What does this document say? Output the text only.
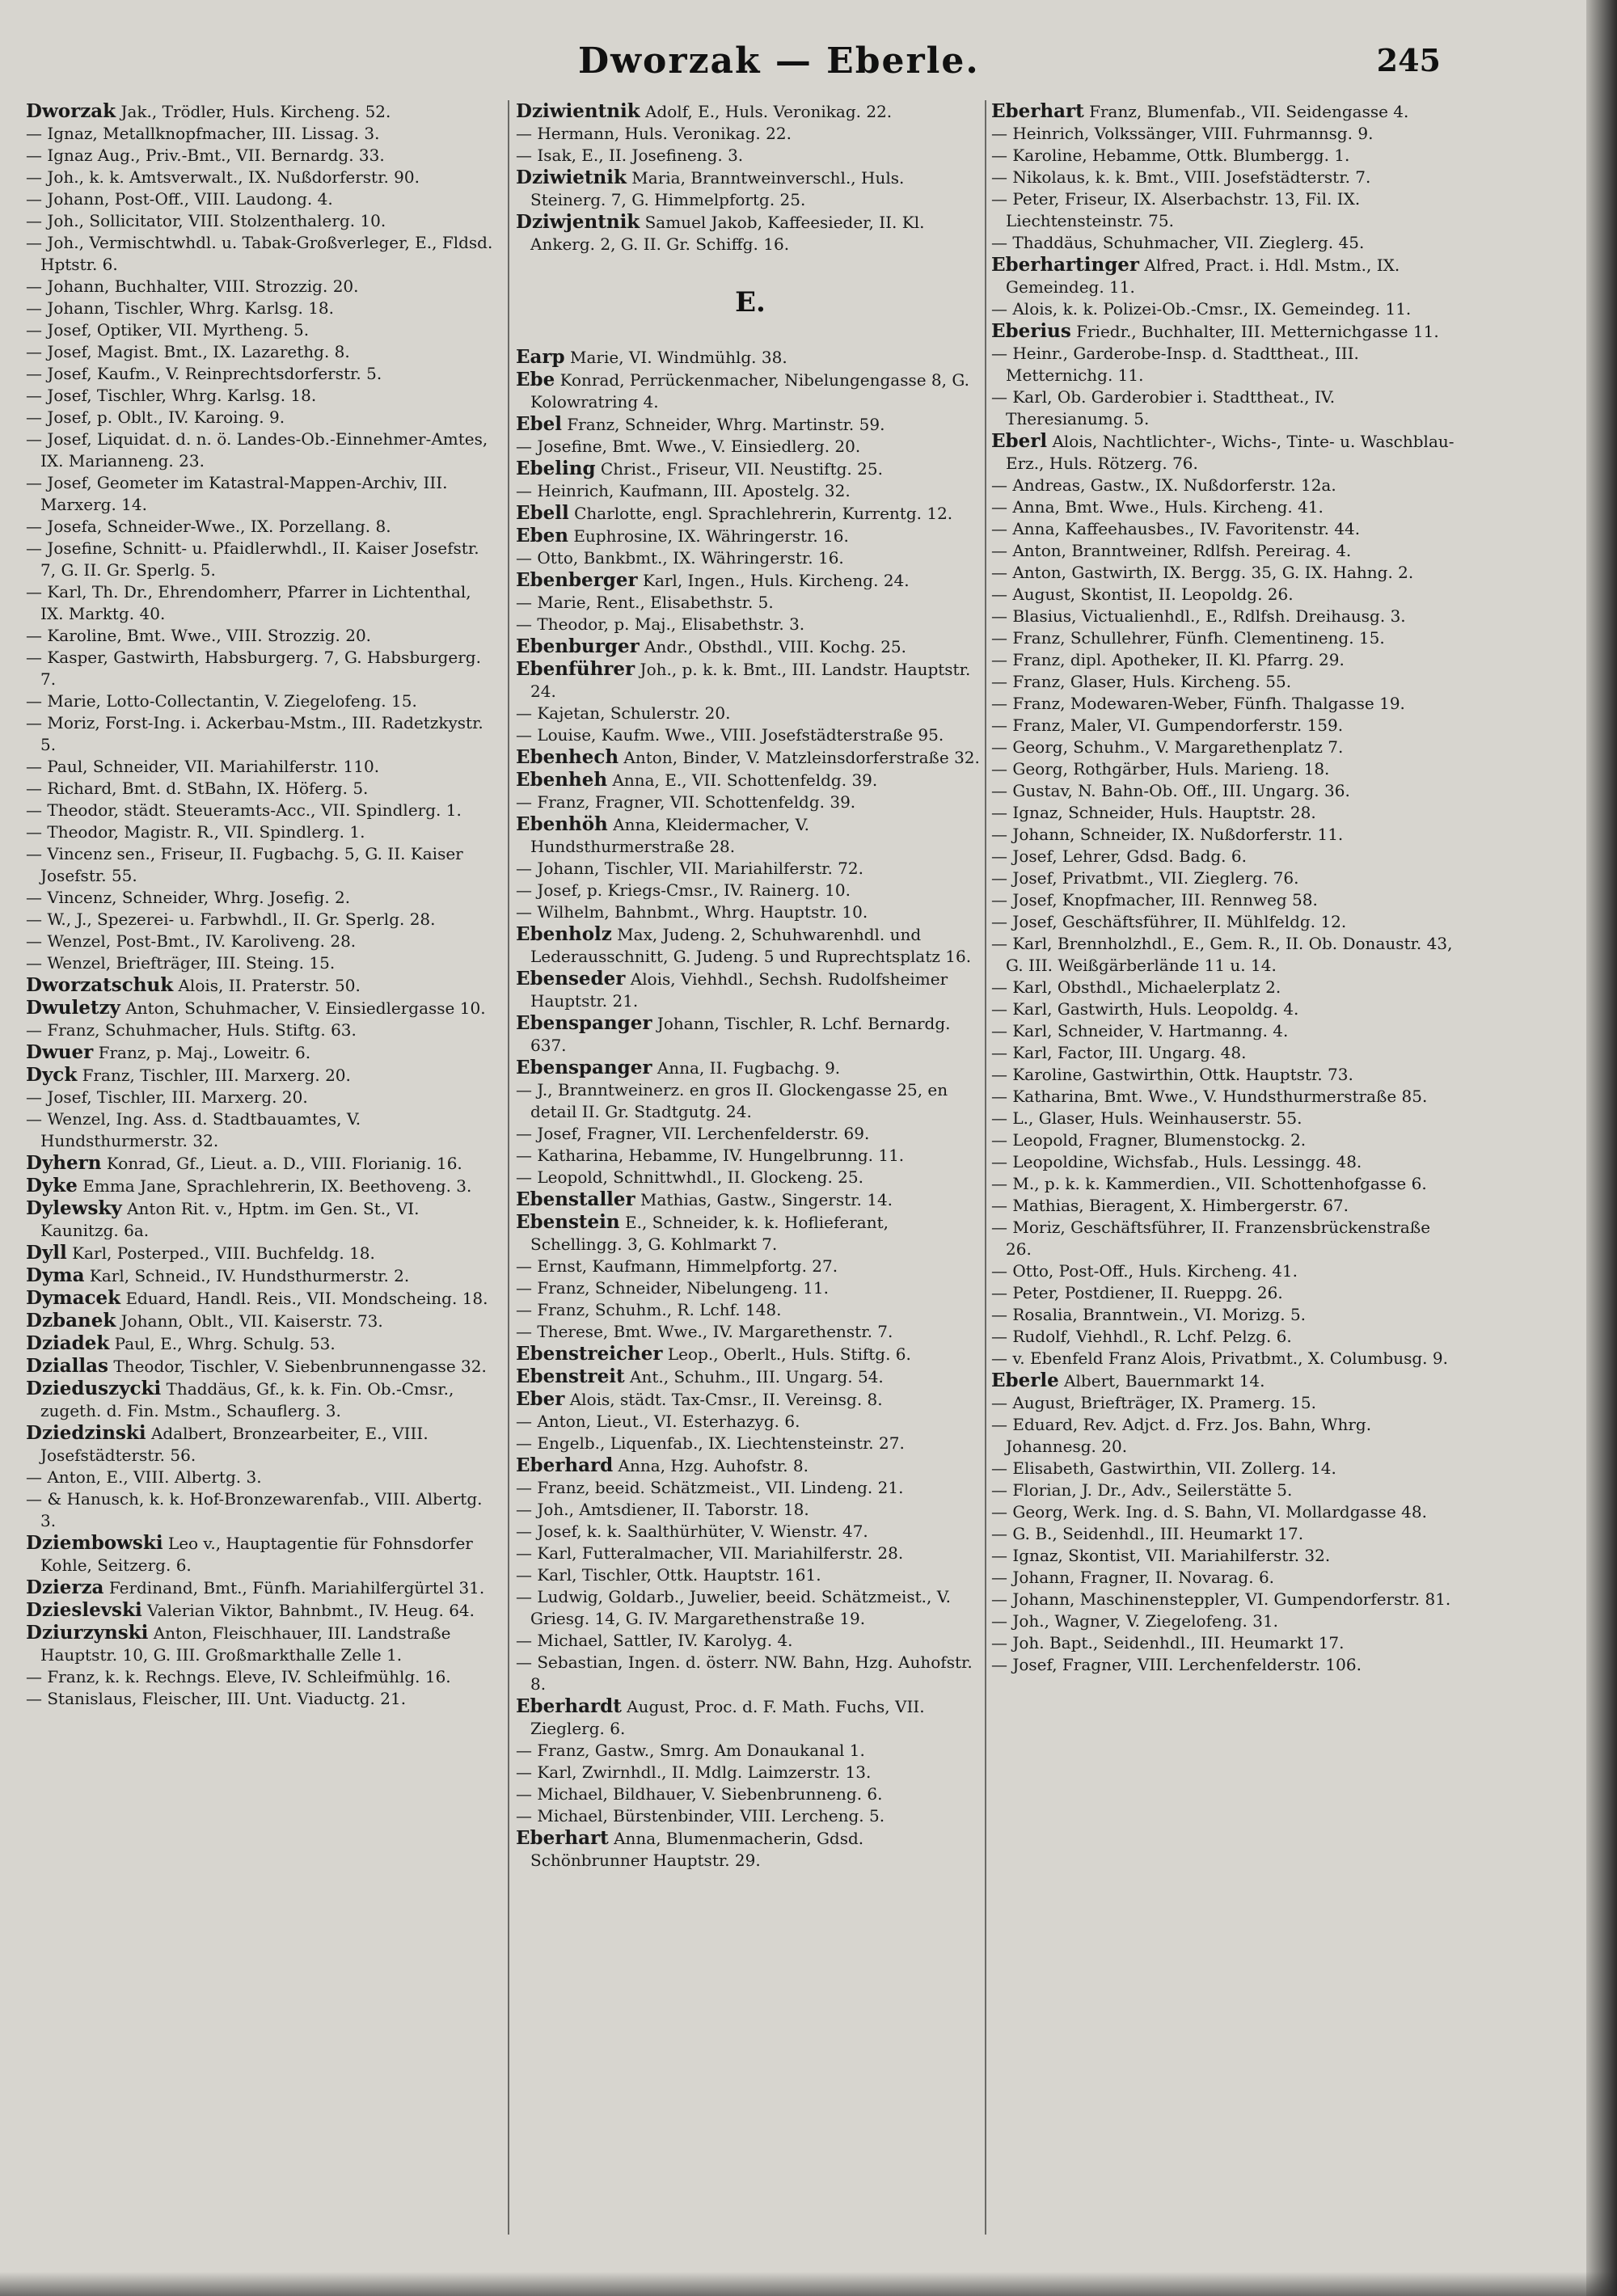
Dworzak — Eberle.	245

Dworzak Jak., Trödler, Huls. Kircheng. 52.

— Ignaz, Metallknopfmacher, III. Lissag. 3.

— Ignaz Aug., Priv.-Bmt., VII. Bernardg. 33.

— Joh., k. k. Amtsverwalt., IX. Nußdorferstr. 90.

— Johann, Post-Off., VIII. Laudong. 4.

— Joh., Sollicitator, VIII. Stolzenthalerg. 10.

— Joh., Vermischtwhdl. u. Tabak-Großverleger, E., Fldsd. Hptstr. 6.

— Johann, Buchhalter, VIII. Strozzig. 20.

— Johann, Tischler, Whrg. Karlsg. 18.

— Josef, Optiker, VII. Myrtheng. 5.

— Josef, Magist. Bmt., IX. Lazarethg. 8.

— Josef, Kaufm., V. Reinprechtsdorferstr. 5.

— Josef, Tischler, Whrg. Karlsg. 18.

— Josef, p. Oblt., IV. Karoing. 9.

— Josef, Liquidat. d. n. ö. Landes-Ob.-Einnehmer-Amtes, IX. Marianneng. 23.

— Josef, Geometer im Katastral-Mappen-Archiv, III. Marxerg. 14.

— Josefa, Schneider-Wwe., IX. Porzellang. 8.

— Josefine, Schnitt- u. Pfaidlerwhdl., II. Kaiser Josefstr. 7, G. II. Gr. Sperlg. 5.

— Karl, Th. Dr., Ehrendomherr, Pfarrer in Lichtenthal, IX. Marktg. 40.

— Karoline, Bmt. Wwe., VIII. Strozzig. 20.

— Kasper, Gastwirth, Habsburgerg. 7, G. Habsburgerg. 7.

— Marie, Lotto-Collectantin, V. Ziegelofeng. 15.

— Moriz, Forst-Ing. i. Ackerbau-Mstm., III. Radetzkystr. 5.

— Paul, Schneider, VII. Mariahilferstr. 110.

— Richard, Bmt. d. StBahn, IX. Höferg. 5.

— Theodor, städt. Steueramts-Acc., VII. Spindlerg. 1.

— Theodor, Magistr. R., VII. Spindlerg. 1.

— Vincenz sen., Friseur, II. Fugbachg. 5, G. II. Kaiser Josefstr. 55.

— Vincenz, Schneider, Whrg. Josefig. 2.

— W., J., Spezerei- u. Farbwhdl., II. Gr. Sperlg. 28.

— Wenzel, Post-Bmt., IV. Karoliveng. 28.

— Wenzel, Briefträger, III. Steing. 15.

Dworzatschuk Alois, II. Praterstr. 50.

Dwuletzy Anton, Schuhmacher, V. Einsiedlergasse 10.

— Franz, Schuhmacher, Huls. Stiftg. 63.

Dwuer Franz, p. Maj., Loweitr. 6.

Dyck Franz, Tischler, III. Marxerg. 20.

— Josef, Tischler, III. Marxerg. 20.

— Wenzel, Ing. Ass. d. Stadtbauamtes, V. Hundsthurmerstr. 32.

Dyhern Konrad, Gf., Lieut. a. D., VIII. Florianig. 16.

Dyke Emma Jane, Sprachlehrerin, IX. Beethoveng. 3.

Dylewsky Anton Rit. v., Hptm. im Gen. St., VI. Kaunitzg. 6a.

Dyll Karl, Posterped., VIII. Buchfeldg. 18.

Dyma Karl, Schneid., IV. Hundsthurmerstr. 2.

Dymacek Eduard, Handl. Reis., VII. Mondscheing. 18.

Dzbanek Johann, Oblt., VII. Kaiserstr. 73.

Dziadek Paul, E., Whrg. Schulg. 53.

Dziallas Theodor, Tischler, V. Siebenbrunnengasse 32.

Dzieduszycki Thaddäus, Gf., k. k. Fin. Ob.-Cmsr., zugeth. d. Fin. Mstm., Schauflerg. 3.

Dziedzinski Adalbert, Bronzearbeiter, E., VIII. Josefstädterstr. 56.

— Anton, E., VIII. Albertg. 3.

— & Hanusch, k. k. Hof-Bronzewarenfab., VIII. Albertg. 3.

Dziembowski Leo v., Hauptagentie für Fohnsdorfer Kohle, Seitzerg. 6.

Dzierza Ferdinand, Bmt., Fünfh. Mariahilfergürtel 31.

Dzieslevski Valerian Viktor, Bahnbmt., IV. Heug. 64.

Dziurzynski Anton, Fleischhauer, III. Landstraße Hauptstr. 10, G. III. Großmarkthalle Zelle 1.

— Franz, k. k. Rechngs. Eleve, IV. Schleifmühlg. 16.

— Stanislaus, Fleischer, III. Unt. Viaductg. 21.

Dziwientnik Adolf, E., Huls. Veronikag. 22.

— Hermann, Huls. Veronikag. 22.

— Isak, E., II. Josefineng. 3.

Dziwietnik Maria, Branntweinverschl., Huls. Steinerg. 7, G. Himmelpfortg. 25.

Dziwjentnik Samuel Jakob, Kaffeesieder, II. Kl. Ankerg. 2, G. II. Gr. Schiffg. 16.

E.

Earp Marie, VI. Windmühlg. 38.

Ebe Konrad, Perrückenmacher, Nibelungengasse 8, G. Kolowratring 4.

Ebel Franz, Schneider, Whrg. Martinstr. 59.

— Josefine, Bmt. Wwe., V. Einsiedlerg. 20.

Ebeling Christ., Friseur, VII. Neustiftg. 25.

— Heinrich, Kaufmann, III. Apostelg. 32.

Ebell Charlotte, engl. Sprachlehrerin, Kurrentg. 12.

Eben Euphrosine, IX. Währingerstr. 16.

— Otto, Bankbmt., IX. Währingerstr. 16.

Ebenberger Karl, Ingen., Huls. Kircheng. 24.

— Marie, Rent., Elisabethstr. 5.

— Theodor, p. Maj., Elisabethstr. 3.

Ebenburger Andr., Obsthdl., VIII. Kochg. 25.

Ebenführer Joh., p. k. k. Bmt., III. Landstr. Hauptstr. 24.

— Kajetan, Schulerstr. 20.

— Louise, Kaufm. Wwe., VIII. Josefstädterstraße 95.

Ebenhech Anton, Binder, V. Matzleinsdorferstraße 32.

Ebenheh Anna, E., VII. Schottenfeldg. 39.

— Franz, Fragner, VII. Schottenfeldg. 39.

Ebenhöh Anna, Kleidermacher, V. Hundsthurmerstraße 28.

— Johann, Tischler, VII. Mariahilferstr. 72.

— Josef, p. Kriegs-Cmsr., IV. Rainerg. 10.

— Wilhelm, Bahnbmt., Whrg. Hauptstr. 10.

Ebenholz Max, Judeng. 2, Schuhwarenhdl. und Lederausschnitt, G. Judeng. 5 und Ruprechtsplatz 16.

Ebenseder Alois, Viehhdl., Sechsh. Rudolfsheimer Hauptstr. 21.

Ebenspanger Johann, Tischler, R. Lchf. Bernardg. 637.

Ebenspanger Anna, II. Fugbachg. 9.

— J., Branntweinerz. en gros II. Glockengasse 25, en detail II. Gr. Stadtgutg. 24.

— Josef, Fragner, VII. Lerchenfelderstr. 69.

— Katharina, Hebamme, IV. Hungelbrunng. 11.

— Leopold, Schnittwhdl., II. Glockeng. 25.

Ebenstaller Mathias, Gastw., Singerstr. 14.

Ebenstein E., Schneider, k. k. Hoflieferant, Schellingg. 3, G. Kohlmarkt 7.

— Ernst, Kaufmann, Himmelpfortg. 27.

— Franz, Schneider, Nibelungeng. 11.

— Franz, Schuhm., R. Lchf. 148.

— Therese, Bmt. Wwe., IV. Margarethenstr. 7.

Ebenstreicher Leop., Oberlt., Huls. Stiftg. 6.

Ebenstreit Ant., Schuhm., III. Ungarg. 54.

Eber Alois, städt. Tax-Cmsr., II. Vereinsg. 8.

— Anton, Lieut., VI. Esterhazyg. 6.

— Engelb., Liquenfab., IX. Liechtensteinstr. 27.

Eberhard Anna, Hzg. Auhofstr. 8.

— Franz, beeid. Schätzmeist., VII. Lindeng. 21.

— Joh., Amtsdiener, II. Taborstr. 18.

— Josef, k. k. Saalthürhüter, V. Wienstr. 47.

— Karl, Futteralmacher, VII. Mariahilferstr. 28.

— Karl, Tischler, Ottk. Hauptstr. 161.

— Ludwig, Goldarb., Juwelier, beeid. Schätzmeist., V. Griesg. 14, G. IV. Margarethenstraße 19.

— Michael, Sattler, IV. Karolyg. 4.

— Sebastian, Ingen. d. österr. NW. Bahn, Hzg. Auhofstr. 8.

Eberhardt August, Proc. d. F. Math. Fuchs, VII. Zieglerg. 6.

— Franz, Gastw., Smrg. Am Donaukanal 1.

— Karl, Zwirnhdl., II. Mdlg. Laimzerstr. 13.

— Michael, Bildhauer, V. Siebenbrunneng. 6.

— Michael, Bürstenbinder, VIII. Lercheng. 5.

Eberhart Anna, Blumenmacherin, Gdsd. Schönbrunner Hauptstr. 29.

Eberhart Franz, Blumenfab., VII. Seidengasse 4.

— Heinrich, Volkssänger, VIII. Fuhrmannsg. 9.

— Karoline, Hebamme, Ottk. Blumbergg. 1.

— Nikolaus, k. k. Bmt., VIII. Josefstädterstr. 7.

— Peter, Friseur, IX. Alserbachstr. 13, Fil. IX. Liechtensteinstr. 75.

— Thaddäus, Schuhmacher, VII. Zieglerg. 45.

Eberhartinger Alfred, Pract. i. Hdl. Mstm., IX. Gemeindeg. 11.

— Alois, k. k. Polizei-Ob.-Cmsr., IX. Gemeindeg. 11.

Eberius Friedr., Buchhalter, III. Metternichgasse 11.

— Heinr., Garderobe-Insp. d. Stadttheat., III. Metternichg. 11.

— Karl, Ob. Garderobier i. Stadttheat., IV. Theresianumg. 5.

Eberl Alois, Nachtlichter-, Wichs-, Tinte- u. Waschblau-Erz., Huls. Rötzerg. 76.

— Andreas, Gastw., IX. Nußdorferstr. 12a.

— Anna, Bmt. Wwe., Huls. Kircheng. 41.

— Anna, Kaffeehausbes., IV. Favoritenstr. 44.

— Anton, Branntweiner, Rdlfsh. Pereirag. 4.

— Anton, Gastwirth, IX. Bergg. 35, G. IX. Hahng. 2.

— August, Skontist, II. Leopoldg. 26.

— Blasius, Victualienhdl., E., Rdlfsh. Dreihausg. 3.

— Franz, Schullehrer, Fünfh. Clementineng. 15.

— Franz, dipl. Apotheker, II. Kl. Pfarrg. 29.

— Franz, Glaser, Huls. Kircheng. 55.

— Franz, Modewaren-Weber, Fünfh. Thalgasse 19.

— Franz, Maler, VI. Gumpendorferstr. 159.

— Georg, Schuhm., V. Margarethenplatz 7.

— Georg, Rothgärber, Huls. Marieng. 18.

— Gustav, N. Bahn-Ob. Off., III. Ungarg. 36.

— Ignaz, Schneider, Huls. Hauptstr. 28.

— Johann, Schneider, IX. Nußdorferstr. 11.

— Josef, Lehrer, Gdsd. Badg. 6.

— Josef, Privatbmt., VII. Zieglerg. 76.

— Josef, Knopfmacher, III. Rennweg 58.

— Josef, Geschäftsführer, II. Mühlfeldg. 12.

— Karl, Brennholzhdl., E., Gem. R., II. Ob. Donaustr. 43, G. III. Weißgärberlände 11 u. 14.

— Karl, Obsthdl., Michaelerplatz 2.

— Karl, Gastwirth, Huls. Leopoldg. 4.

— Karl, Schneider, V. Hartmanng. 4.

— Karl, Factor, III. Ungarg. 48.

— Karoline, Gastwirthin, Ottk. Hauptstr. 73.

— Katharina, Bmt. Wwe., V. Hundsthurmerstraße 85.

— L., Glaser, Huls. Weinhauserstr. 55.

— Leopold, Fragner, Blumenstockg. 2.

— Leopoldine, Wichsfab., Huls. Lessingg. 48.

— M., p. k. k. Kammerdien., VII. Schottenhofgasse 6.

— Mathias, Bieragent, X. Himbergerstr. 67.

— Moriz, Geschäftsführer, II. Franzensbrückenstraße 26.

— Otto, Post-Off., Huls. Kircheng. 41.

— Peter, Postdiener, II. Rueppg. 26.

— Rosalia, Branntwein., VI. Morizg. 5.

— Rudolf, Viehhdl., R. Lchf. Pelzg. 6.

— v. Ebenfeld Franz Alois, Privatbmt., X. Columbusg. 9.

Eberle Albert, Bauernmarkt 14.

— August, Briefträger, IX. Pramerg. 15.

— Eduard, Rev. Adjct. d. Frz. Jos. Bahn, Whrg. Johannesg. 20.

— Elisabeth, Gastwirthin, VII. Zollerg. 14.

— Florian, J. Dr., Adv., Seilerstätte 5.

— Georg, Werk. Ing. d. S. Bahn, VI. Mollardgasse 48.

— G. B., Seidenhdl., III. Heumarkt 17.

— Ignaz, Skontist, VII. Mariahilferstr. 32.

— Johann, Fragner, II. Novarag. 6.

— Johann, Maschinensteppler, VI. Gumpendorferstr. 81.

— Joh., Wagner, V. Ziegelofeng. 31.

— Joh. Bapt., Seidenhdl., III. Heumarkt 17.

— Josef, Fragner, VIII. Lerchenfelderstr. 106.
